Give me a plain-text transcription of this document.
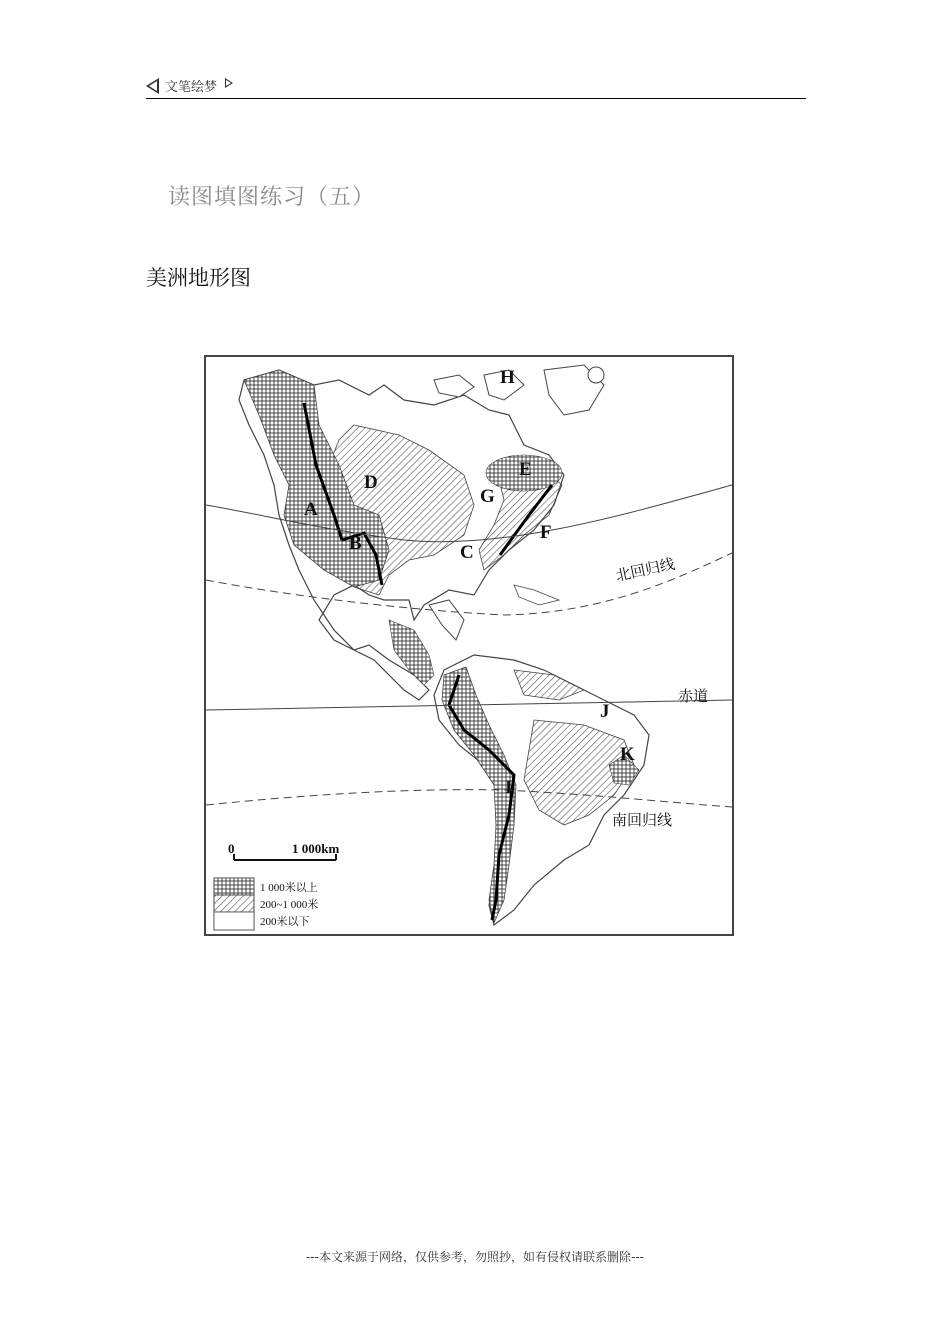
文笔绘梦
读图填图练习（五）
美洲地形图
H
D
E
G
A
B
F
C
J
K
I
北回归线
赤道
南回归线
0	1 000km
1 000米以上
200~1 000米
200米以下
---本文来源于网络，仅供参考，勿照抄，如有侵权请联系删除---
